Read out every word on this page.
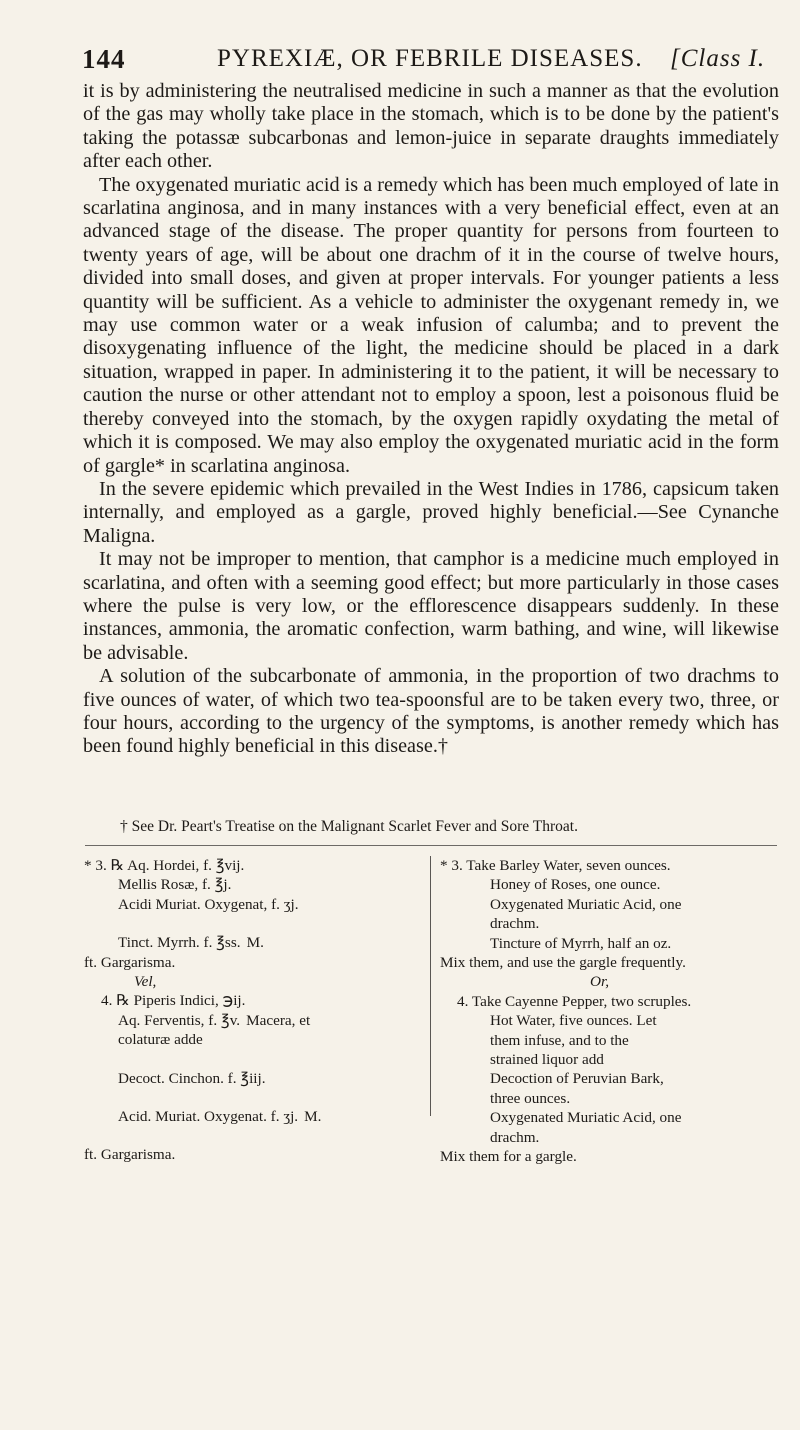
144	PYREXIÆ, OR FEBRILE DISEASES. [Class I.

it is by administering the neutralised medicine in such a manner as that the evolution of the gas may wholly take place in the stomach, which is to be done by the patient's taking the potassæ subcarbonas and lemon-juice in separate draughts immediately after each other.

The oxygenated muriatic acid is a remedy which has been much employed of late in scarlatina anginosa, and in many instances with a very beneficial effect, even at an advanced stage of the disease. The proper quantity for persons from fourteen to twenty years of age, will be about one drachm of it in the course of twelve hours, divided into small doses, and given at proper intervals. For younger patients a less quantity will be sufficient. As a vehicle to administer the oxygenant remedy in, we may use common water or a weak infusion of calumba; and to prevent the disoxygenating influence of the light, the medicine should be placed in a dark situation, wrapped in paper. In administering it to the patient, it will be necessary to caution the nurse or other attendant not to employ a spoon, lest a poisonous fluid be thereby conveyed into the stomach, by the oxygen rapidly oxydating the metal of which it is composed. We may also employ the oxygenated muriatic acid in the form of gargle* in scarlatina anginosa.

In the severe epidemic which prevailed in the West Indies in 1786, capsicum taken internally, and employed as a gargle, proved highly beneficial.—See Cynanche Maligna.

It may not be improper to mention, that camphor is a medicine much employed in scarlatina, and often with a seeming good effect; but more particularly in those cases where the pulse is very low, or the efflorescence disappears suddenly. In these instances, ammonia, the aromatic confection, warm bathing, and wine, will likewise be advisable.

A solution of the subcarbonate of ammonia, in the proportion of two drachms to five ounces of water, of which two tea-spoonsful are to be taken every two, three, or four hours, according to the urgency of the symptoms, is another remedy which has been found highly beneficial in this disease.†

† See Dr. Peart's Treatise on the Malignant Scarlet Fever and Sore Throat.
* 3. ℞ Aq. Hordei, f. ℥vij.
Mellis Rosæ, f. ℥j.
Acidi Muriat. Oxygenat, f. ʒj.
Tinct. Myrrh. f. ℥ss. M.
ft. Gargarisma.
Vel,
4. ℞ Piperis Indici, ℈ij.
Aq. Ferventis, f. ℥v. Macera, et
colaturæ adde
Decoct. Cinchon. f. ℥iij.
Acid. Muriat. Oxygenat. f. ʒj. M.
ft. Gargarisma.
* 3. Take Barley Water, seven ounces.
Honey of Roses, one ounce.
Oxygenated Muriatic Acid, one
drachm.
Tincture of Myrrh, half an oz.
Mix them, and use the gargle frequently.
Or,
4. Take Cayenne Pepper, two scruples.
Hot Water, five ounces. Let
them infuse, and to the
strained liquor add
Decoction of Peruvian Bark,
three ounces.
Oxygenated Muriatic Acid, one
drachm.
Mix them for a gargle.
